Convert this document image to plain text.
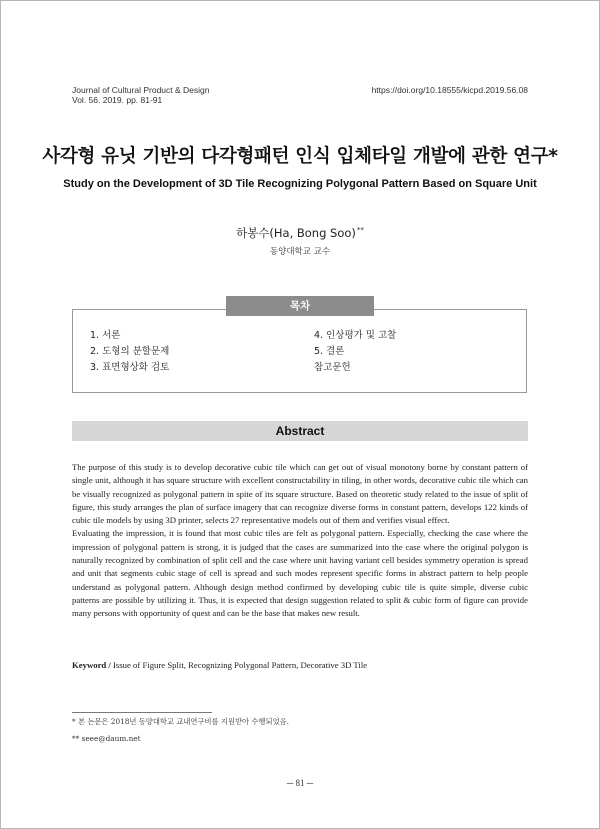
Journal of Cultural Product & Design
Vol. 56. 2019. pp. 81-91
https://doi.org/10.18555/kicpd.2019.56.08
사각형 유닛 기반의 다각형패턴 인식 입체타일 개발에 관한 연구*
Study on the Development of 3D Tile Recognizing Polygonal Pattern Based on Square Unit
하봉수(Ha, Bong Soo)**
동양대학교 교수
목차
1. 서론
2. 도형의 분할문제
3. 표면형상화 검토
4. 인상평가 및 고찰
5. 결론
참고문헌
Abstract

The purpose of this study is to develop decorative cubic tile which can get out of visual monotony borne by constant pattern of single unit, although it has square structure with excellent constructability in tiling, in other words, decorative cubic tile which can be visually recognized as polygonal pattern in spite of its square structure. Based on theoretic study related to the issue of split of figure, this study arranges the plan of surface imagery that can recognize diverse forms in constant pattern, develops 122 kinds of cubic tile models by using 3D printer, selects 27 representative models out of them and verifies visual effect.

Evaluating the impression, it is found that most cubic tiles are felt as polygonal pattern. Especially, checking the case where the impression of polygonal pattern is strong, it is judged that the cases are summarized into the case where the original polygon is naturally recognized by combination of split cell and the case where unit having variant cell besides symmetry operation is spread and unit that segments cubic stage of cell is spread and such modes represent specific forms in abstract pattern to help people understand as polygonal pattern. Although design method confirmed by developing cubic tile is quite simple, diverse cubic patterns are possible by utilizing it. Thus, it is expected that design suggestion related to split & cubic form of figure can provide many persons with opportunity of quest and can be the base that makes new result.

Keyword / Issue of Figure Split, Recognizing Polygonal Pattern, Decorative 3D Tile
* 본 논문은 2018년 동양대학교 교내연구비를 지원받아 수행되었음.
** seee@daum.net
─ 81 ─
